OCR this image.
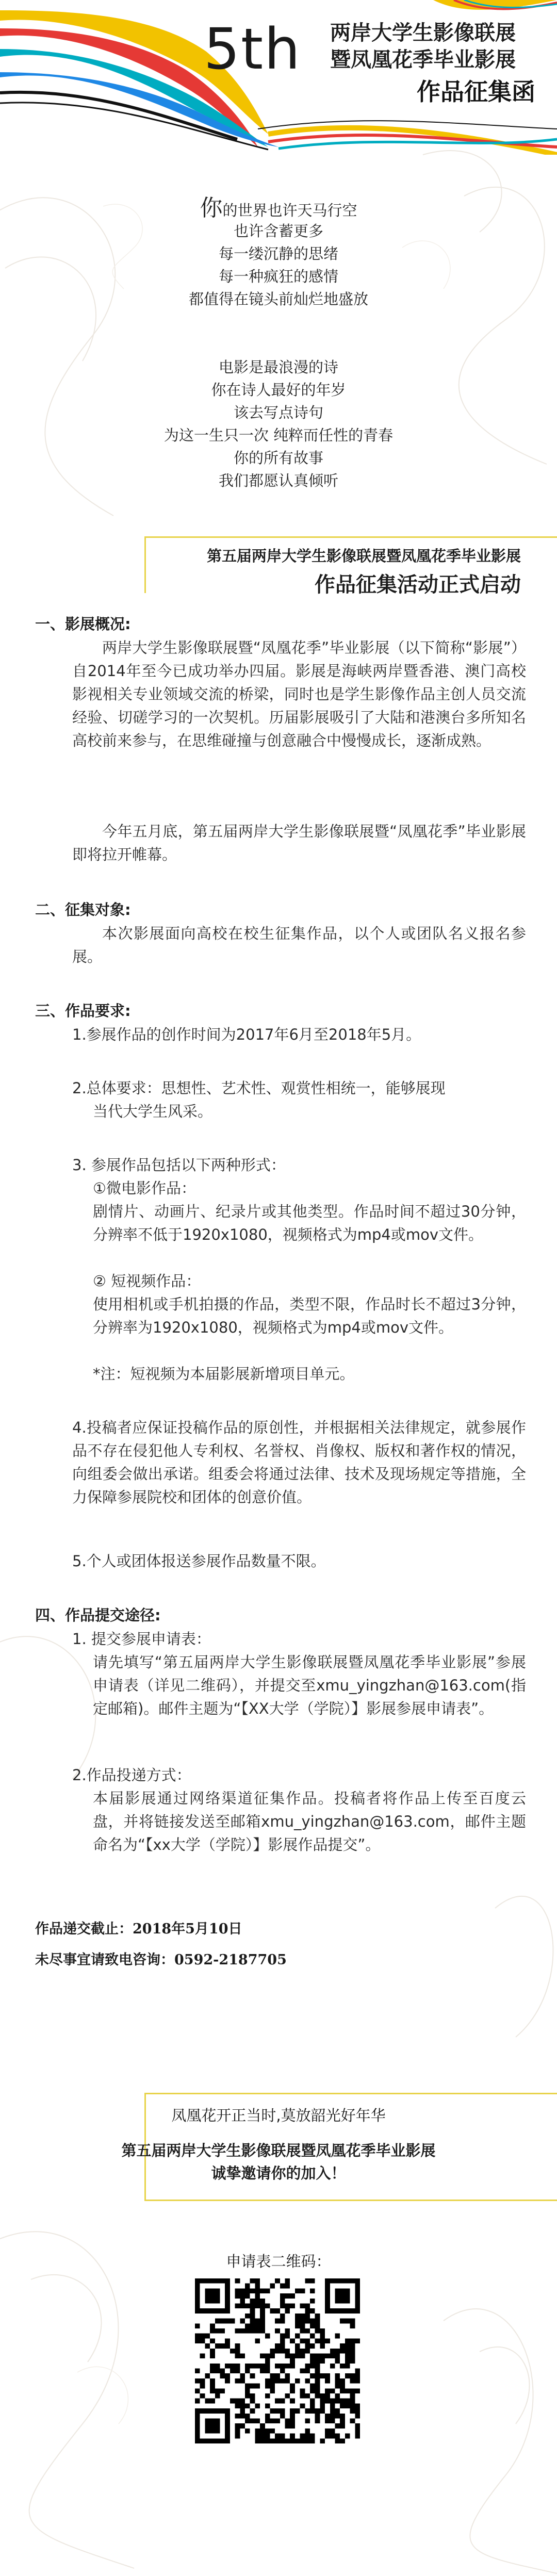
5th 两岸大学生影像联展
暨凤凰花季毕业影展
作品征集函

你的世界也许天马行空

也许含蓄更多

每一缕沉静的思绪

每一种疯狂的感情

都值得在镜头前灿烂地盛放

电影是最浪漫的诗

你在诗人最好的年岁

该去写点诗句

为这一生只一次 纯粹而任性的青春

你的所有故事

我们都愿认真倾听

第五届两岸大学生影像联展暨凤凰花季毕业影展
作品征集活动正式启动
一、影展概况:

两岸大学生影像联展暨“凤凰花季”毕业影展（以下简称“影展”）自2014年至今已成功举办四届。影展是海峡两岸暨香港、澳门高校影视相关专业领域交流的桥梁，同时也是学生影像作品主创人员交流经验、切磋学习的一次契机。历届影展吸引了大陆和港澳台多所知名高校前来参与，在思维碰撞与创意融合中慢慢成长，逐渐成熟。

今年五月底，第五届两岸大学生影像联展暨“凤凰花季”毕业影展即将拉开帷幕。

二、征集对象:

本次影展面向高校在校生征集作品，以个人或团队名义报名参展。

三、作品要求:

1.参展作品的创作时间为2017年6月至2018年5月。

2.总体要求：思想性、艺术性、观赏性相统一，能够展现

当代大学生风采。

3. 参展作品包括以下两种形式：

①微电影作品：

剧情片、动画片、纪录片或其他类型。作品时间不超过30分钟，分辨率不低于1920x1080，视频格式为mp4或mov文件。

② 短视频作品：

使用相机或手机拍摄的作品，类型不限，作品时长不超过3分钟，分辨率为1920x1080，视频格式为mp4或mov文件。

*注：短视频为本届影展新增项目单元。

4.投稿者应保证投稿作品的原创性，并根据相关法律规定，就参展作品不存在侵犯他人专利权、名誉权、肖像权、版权和著作权的情况，向组委会做出承诺。组委会将通过法律、技术及现场规定等措施，全力保障参展院校和团体的创意价值。

5.个人或团体报送参展作品数量不限。

四、作品提交途径:

1. 提交参展申请表：

请先填写“第五届两岸大学生影像联展暨凤凰花季毕业影展”参展申请表（详见二维码），并提交至xmu_yingzhan@163.com(指定邮箱)。邮件主题为“【XX大学（学院）】影展参展申请表”。

2.作品投递方式：

本届影展通过网络渠道征集作品。投稿者将作品上传至百度云盘，并将链接发送至邮箱xmu_yingzhan@163.com，邮件主题命名为“【xx大学（学院）】影展作品提交”。

作品递交截止：2018年5月10日
未尽事宜请致电咨询：0592-2187705
凤凰花开正当时,莫放韶光好年华
第五届两岸大学生影像联展暨凤凰花季毕业影展
诚挚邀请你的加入！
申请表二维码：
